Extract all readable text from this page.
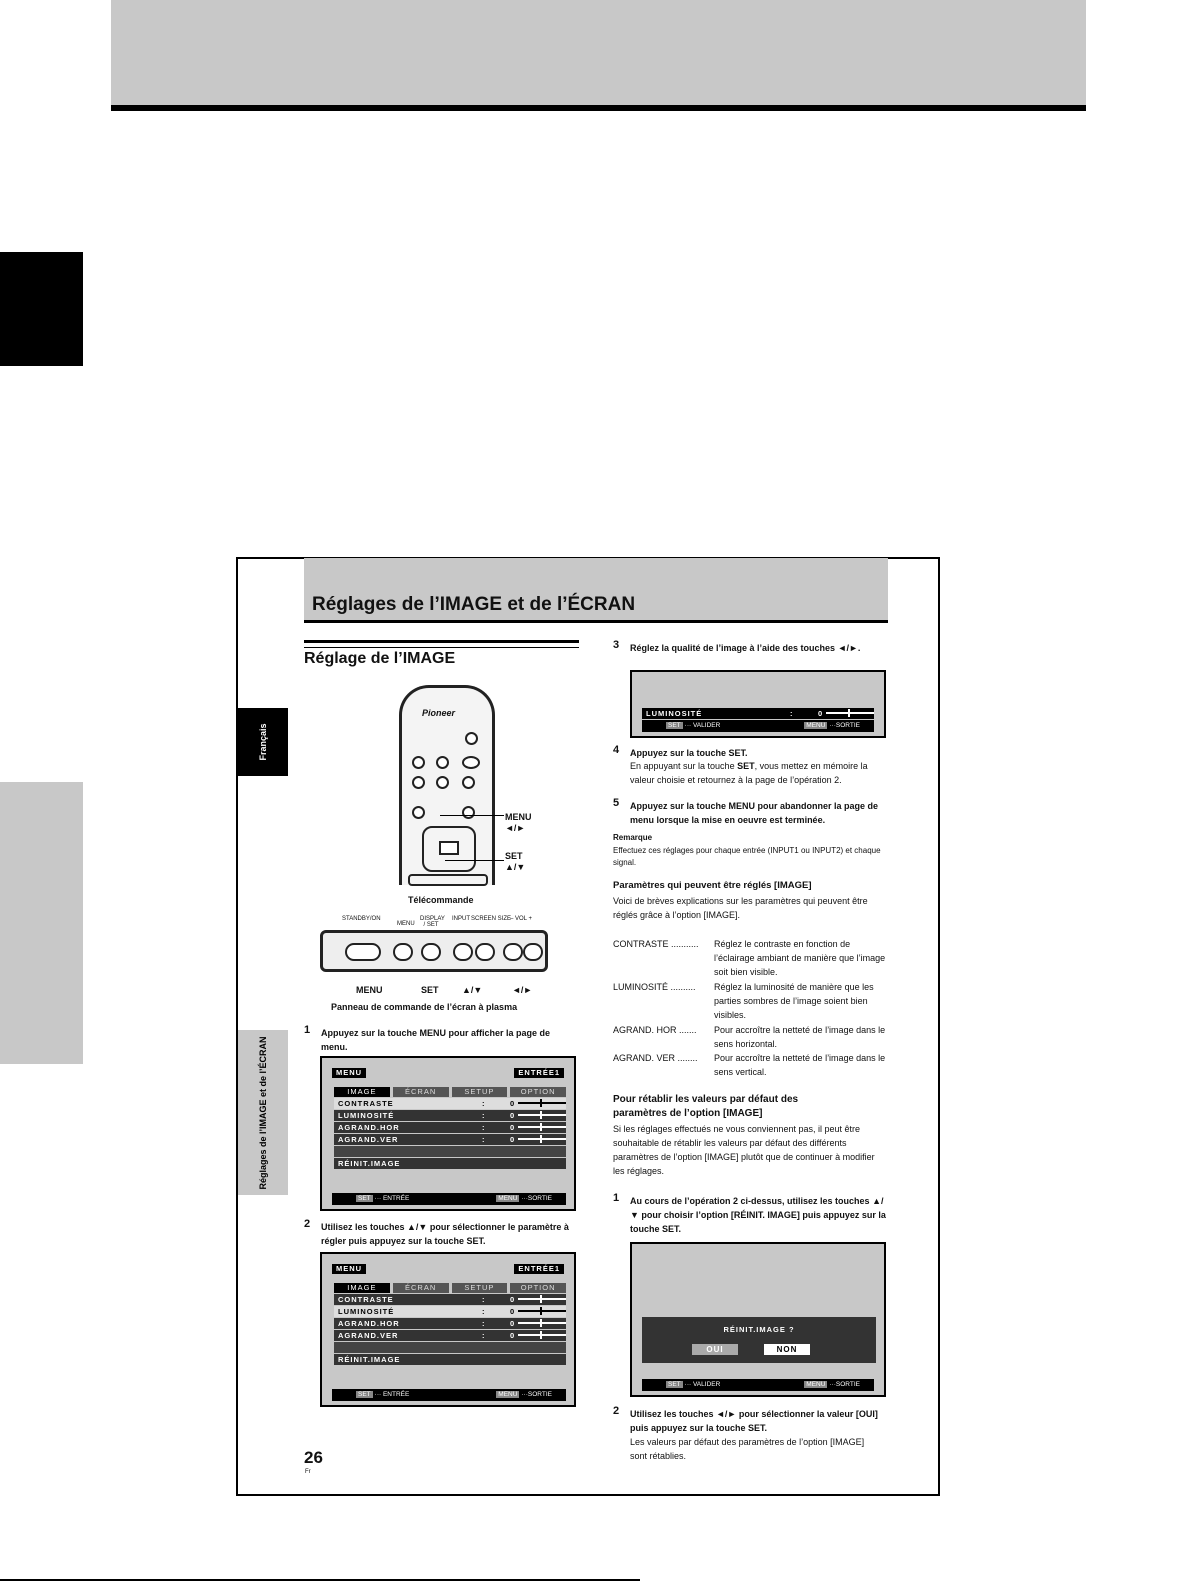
Réglages de l’IMAGE et de l’ÉCRAN
Français
Réglages de l’IMAGE et de l’ÉCRAN
Réglage de l’IMAGE
Pioneer
MENU
◄/►
SET
▲/▼
Télécommande
STANDBY/ON
MENU
DISPLAY / SET
INPUT SCREEN SIZE
– VOL +
MENU	SET	▲/▼	◄/►
Panneau de commande de l’écran à plasma
1 Appuyez sur la touche MENU pour afficher la page de menu.
MENU	ENTRÉE1
IMAGE	ÉCRAN	SETUP	OPTION
CONTRASTE	:	0
LUMINOSITÉ	:	0
AGRAND.HOR	:	0
AGRAND.VER	:	0
RÉINIT.IMAGE
SET ··· ENTRÉE	MENU ···SORTIE
2 Utilisez les touches ▲/▼ pour sélectionner le paramètre à régler puis appuyez sur la touche SET.
MENU	ENTRÉE1
IMAGE	ÉCRAN	SETUP	OPTION
CONTRASTE	:	0
LUMINOSITÉ	:	0
AGRAND.HOR	:	0
AGRAND.VER	:	0
RÉINIT.IMAGE
SET ··· ENTRÉE	MENU ···SORTIE
26
Fr
3 Réglez la qualité de l’image à l’aide des touches ◄/►.
LUMINOSITÉ	:	0
SET ··· VALIDER	MENU ···SORTIE
4 Appuyez sur la touche SET.
En appuyant sur la touche SET, vous mettez en mémoire la valeur choisie et retournez à la page de l’opération 2.
5 Appuyez sur la touche MENU pour abandonner la page de menu lorsque la mise en oeuvre est terminée.
Remarque
Effectuez ces réglages pour chaque entrée (INPUT1 ou INPUT2) et chaque signal.
Paramètres qui peuvent être réglés [IMAGE]
Voici de brèves explications sur les paramètres qui peuvent être réglés grâce à l’option [IMAGE].
CONTRASTE ........... Réglez le contraste en fonction de l’éclairage ambiant de manière que l’image soit bien visible.
LUMINOSITÉ .......... Réglez la luminosité de manière que les parties sombres de l’image soient bien visibles.
AGRAND. HOR ....... Pour accroître la netteté de l’image dans le sens horizontal.
AGRAND. VER ........ Pour accroître la netteté de l’image dans le sens vertical.
Pour rétablir les valeurs par défaut des paramètres de l’option [IMAGE]
Si les réglages effectués ne vous conviennent pas, il peut être souhaitable de rétablir les valeurs par défaut des différents paramètres de l’option [IMAGE] plutôt que de continuer à modifier les réglages.
1 Au cours de l’opération 2 ci-dessus, utilisez les touches ▲/▼ pour choisir l’option [RÉINIT. IMAGE] puis appuyez sur la touche SET.
RÉINIT.IMAGE ?
OUI	NON
SET ··· VALIDER	MENU ···SORTIE
2 Utilisez les touches ◄/► pour sélectionner la valeur [OUI] puis appuyez sur la touche SET.
Les valeurs par défaut des paramètres de l’option [IMAGE] sont rétablies.
